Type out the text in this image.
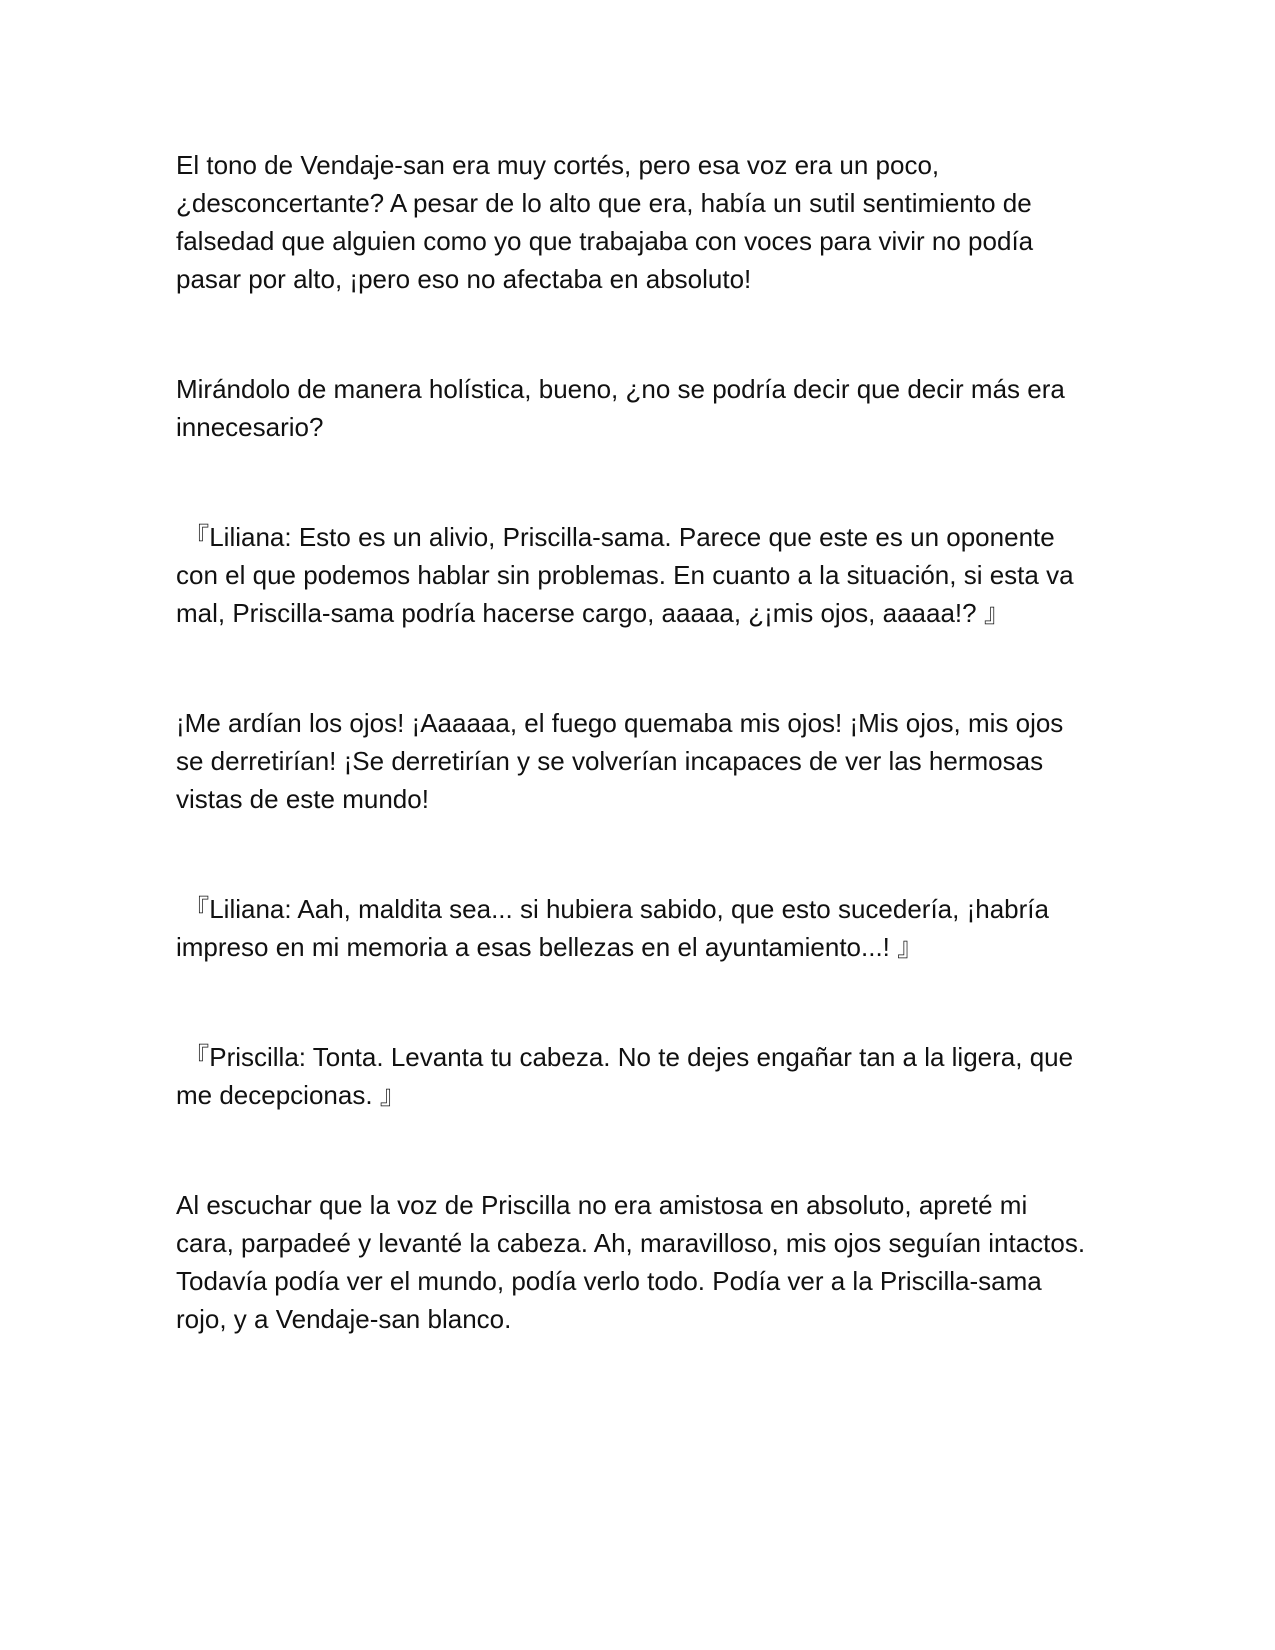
El tono de Vendaje-san era muy cortés, pero esa voz era un poco, ¿desconcertante? A pesar de lo alto que era, había un sutil sentimiento de falsedad que alguien como yo que trabajaba con voces para vivir no podía pasar por alto, ¡pero eso no afectaba en absoluto!

Mirándolo de manera holística, bueno, ¿no se podría decir que decir más era innecesario?

『Liliana: Esto es un alivio, Priscilla-sama. Parece que este es un oponente con el que podemos hablar sin problemas. En cuanto a la situación, si esta va mal, Priscilla-sama podría hacerse cargo, aaaaa, ¿¡mis ojos, aaaaa!? 』

¡Me ardían los ojos! ¡Aaaaaa, el fuego quemaba mis ojos! ¡Mis ojos, mis ojos se derretirían! ¡Se derretirían y se volverían incapaces de ver las hermosas vistas de este mundo!

『Liliana: Aah, maldita sea... si hubiera sabido, que esto sucedería, ¡habría impreso en mi memoria a esas bellezas en el ayuntamiento...! 』

『Priscilla: Tonta. Levanta tu cabeza. No te dejes engañar tan a la ligera, que me decepcionas. 』

Al escuchar que la voz de Priscilla no era amistosa en absoluto, apreté mi cara, parpadeé y levanté la cabeza. Ah, maravilloso, mis ojos seguían intactos. Todavía podía ver el mundo, podía verlo todo. Podía ver a la Priscilla-sama rojo, y a Vendaje-san blanco.
